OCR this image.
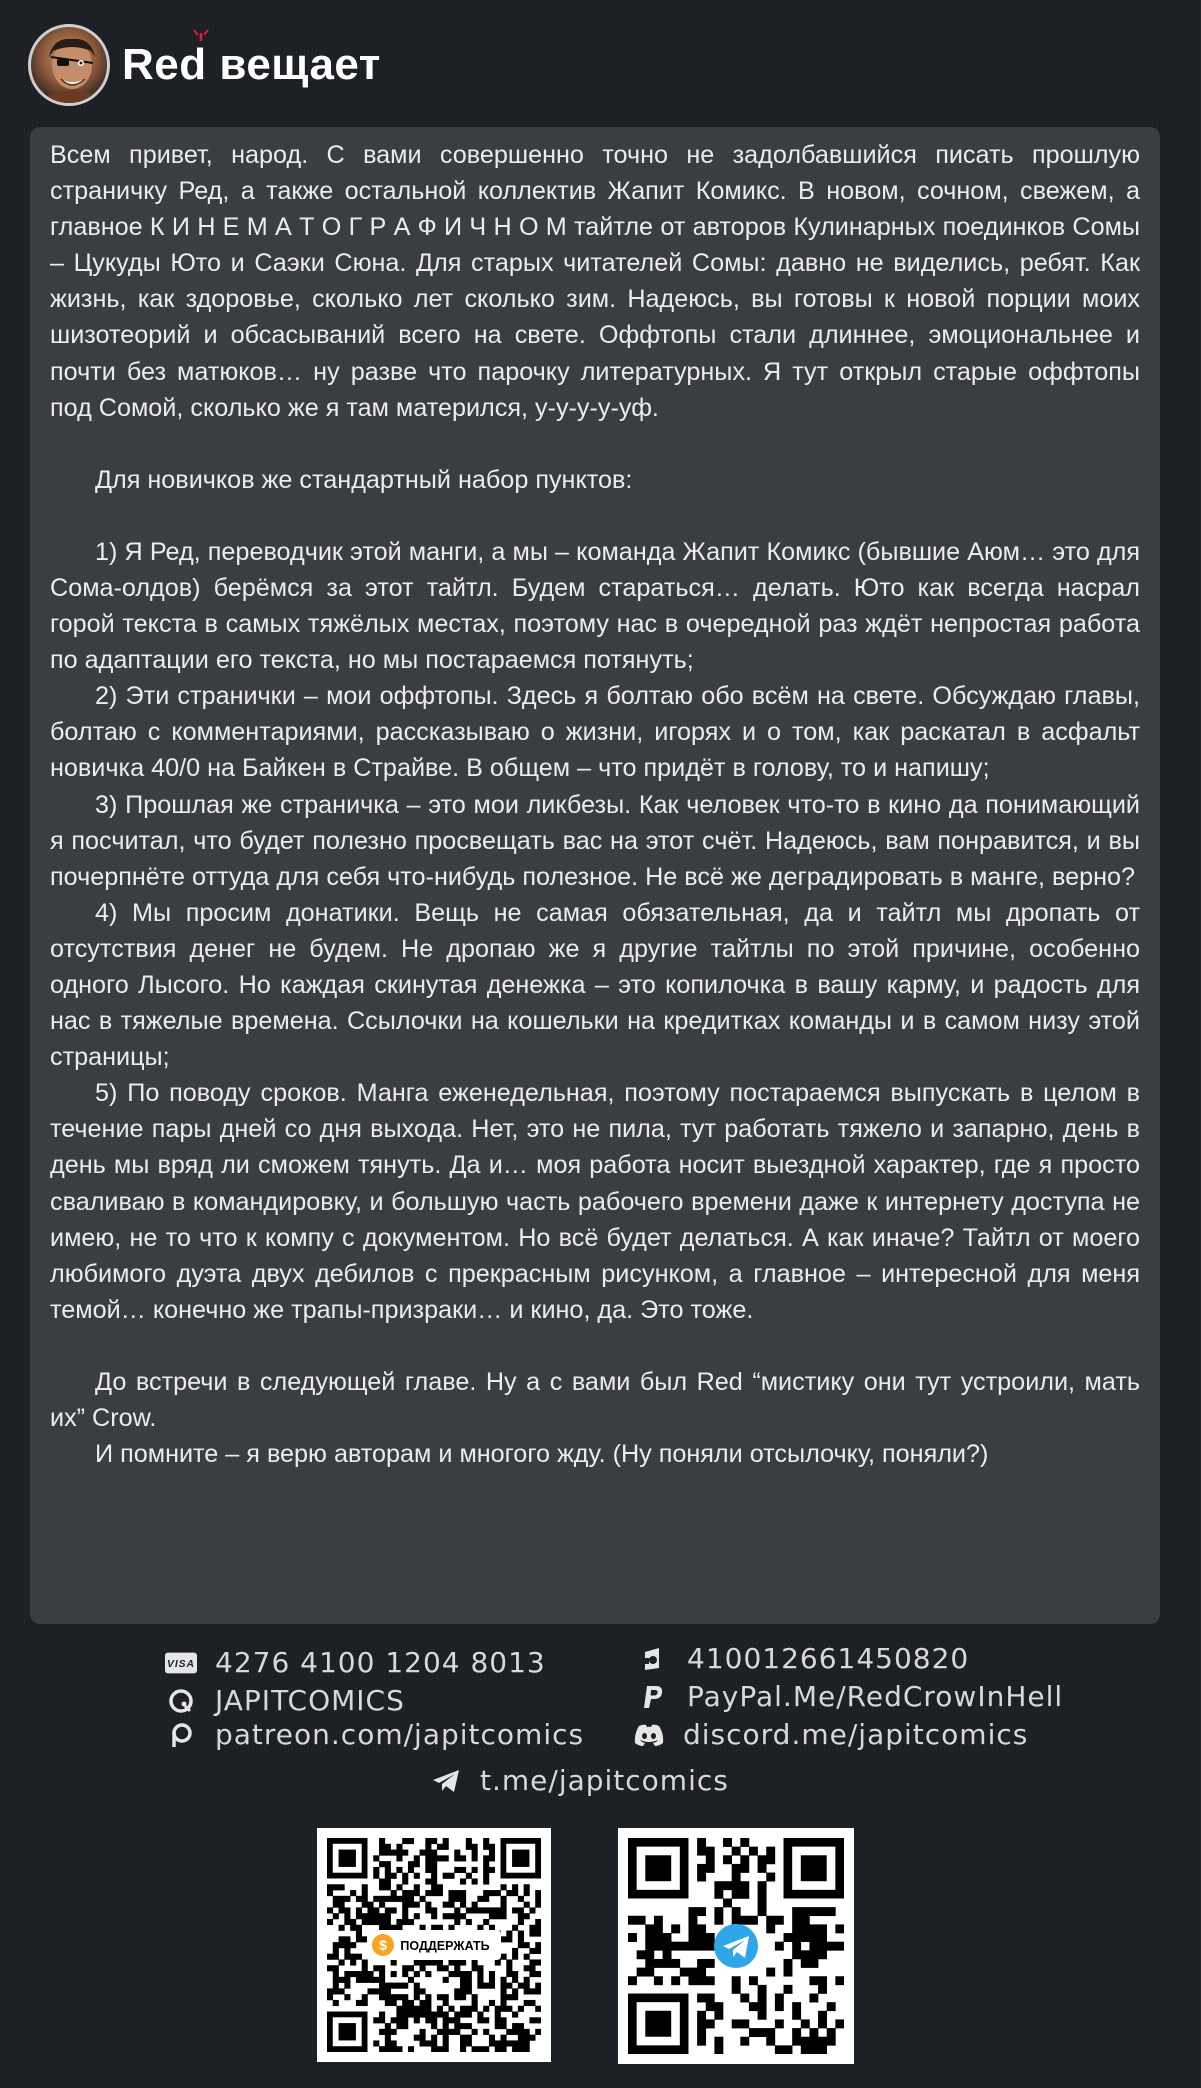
Red вещает

Всем привет, народ. С вами совершенно точно не задолбавшийся писать прошлую страничку Ред, а также остальной коллектив Жапит Комикс. В новом, сочном, свежем, а главное К И Н Е М А Т О Г Р А Ф И Ч Н О М тайтле от авторов Кулинарных поединков Сомы – Цукуды Юто и Саэки Сюна. Для старых читателей Сомы: давно не виделись, ребят. Как жизнь, как здоровье, сколько лет сколько зим. Надеюсь, вы готовы к новой порции моих шизотеорий и обсасываний всего на свете. Оффтопы стали длиннее, эмоциональнее и почти без матюков… ну разве что парочку литературных. Я тут открыл старые оффтопы под Сомой, сколько же я там матерился, у-у-у-у-уф.

Для новичков же стандартный набор пунктов:

1) Я Ред, переводчик этой манги, а мы – команда Жапит Комикс (бывшие Аюм… это для Сома-олдов) берёмся за этот тайтл. Будем стараться… делать. Юто как всегда насрал горой текста в самых тяжёлых местах, поэтому нас в очередной раз ждёт непростая работа по адаптации его текста, но мы постараемся потянуть;

2) Эти странички – мои оффтопы. Здесь я болтаю обо всём на свете. Обсуждаю главы, болтаю с комментариями, рассказываю о жизни, игорях и о том, как раскатал в асфальт новичка 40/0 на Байкен в Страйве. В общем – что придёт в голову, то и напишу;

3) Прошлая же страничка – это мои ликбезы. Как человек что-то в кино да понимающий я посчитал, что будет полезно просвещать вас на этот счёт. Надеюсь, вам понравится, и вы почерпнёте оттуда для себя что-нибудь полезное. Не всё же деградировать в манге, верно?

4) Мы просим донатики. Вещь не самая обязательная, да и тайтл мы дропать от отсутствия денег не будем. Не дропаю же я другие тайтлы по этой причине, особенно одного Лысого. Но каждая скинутая денежка – это копилочка в вашу карму, и радость для нас в тяжелые времена. Ссылочки на кошельки на кредитках команды и в самом низу этой страницы;

5) По поводу сроков. Манга еженедельная, поэтому постараемся выпускать в целом в течение пары дней со дня выхода. Нет, это не пила, тут работать тяжело и запарно, день в день мы вряд ли сможем тянуть. Да и… моя работа носит выездной характер, где я просто сваливаю в командировку, и большую часть рабочего времени даже к интернету доступа не имею, не то что к компу с документом. Но всё будет делаться. А как иначе? Тайтл от моего любимого дуэта двух дебилов с прекрасным рисунком, а главное – интересной для меня темой… конечно же трапы-призраки… и кино, да. Это тоже.

До встречи в следующей главе. Ну а с вами был Red “мистику они тут устроили, мать их” Crow.

И помните – я верю авторам и многого жду. (Ну поняли отсылочку, поняли?)

VISA 4276 4100 1204 8013
JAPITCOMICS
patreon.com/japitcomics
410012661450820
PayPal.Me/RedCrowInHell
discord.me/japitcomics
t.me/japitcomics
$ ПОДДЕРЖАТЬ
